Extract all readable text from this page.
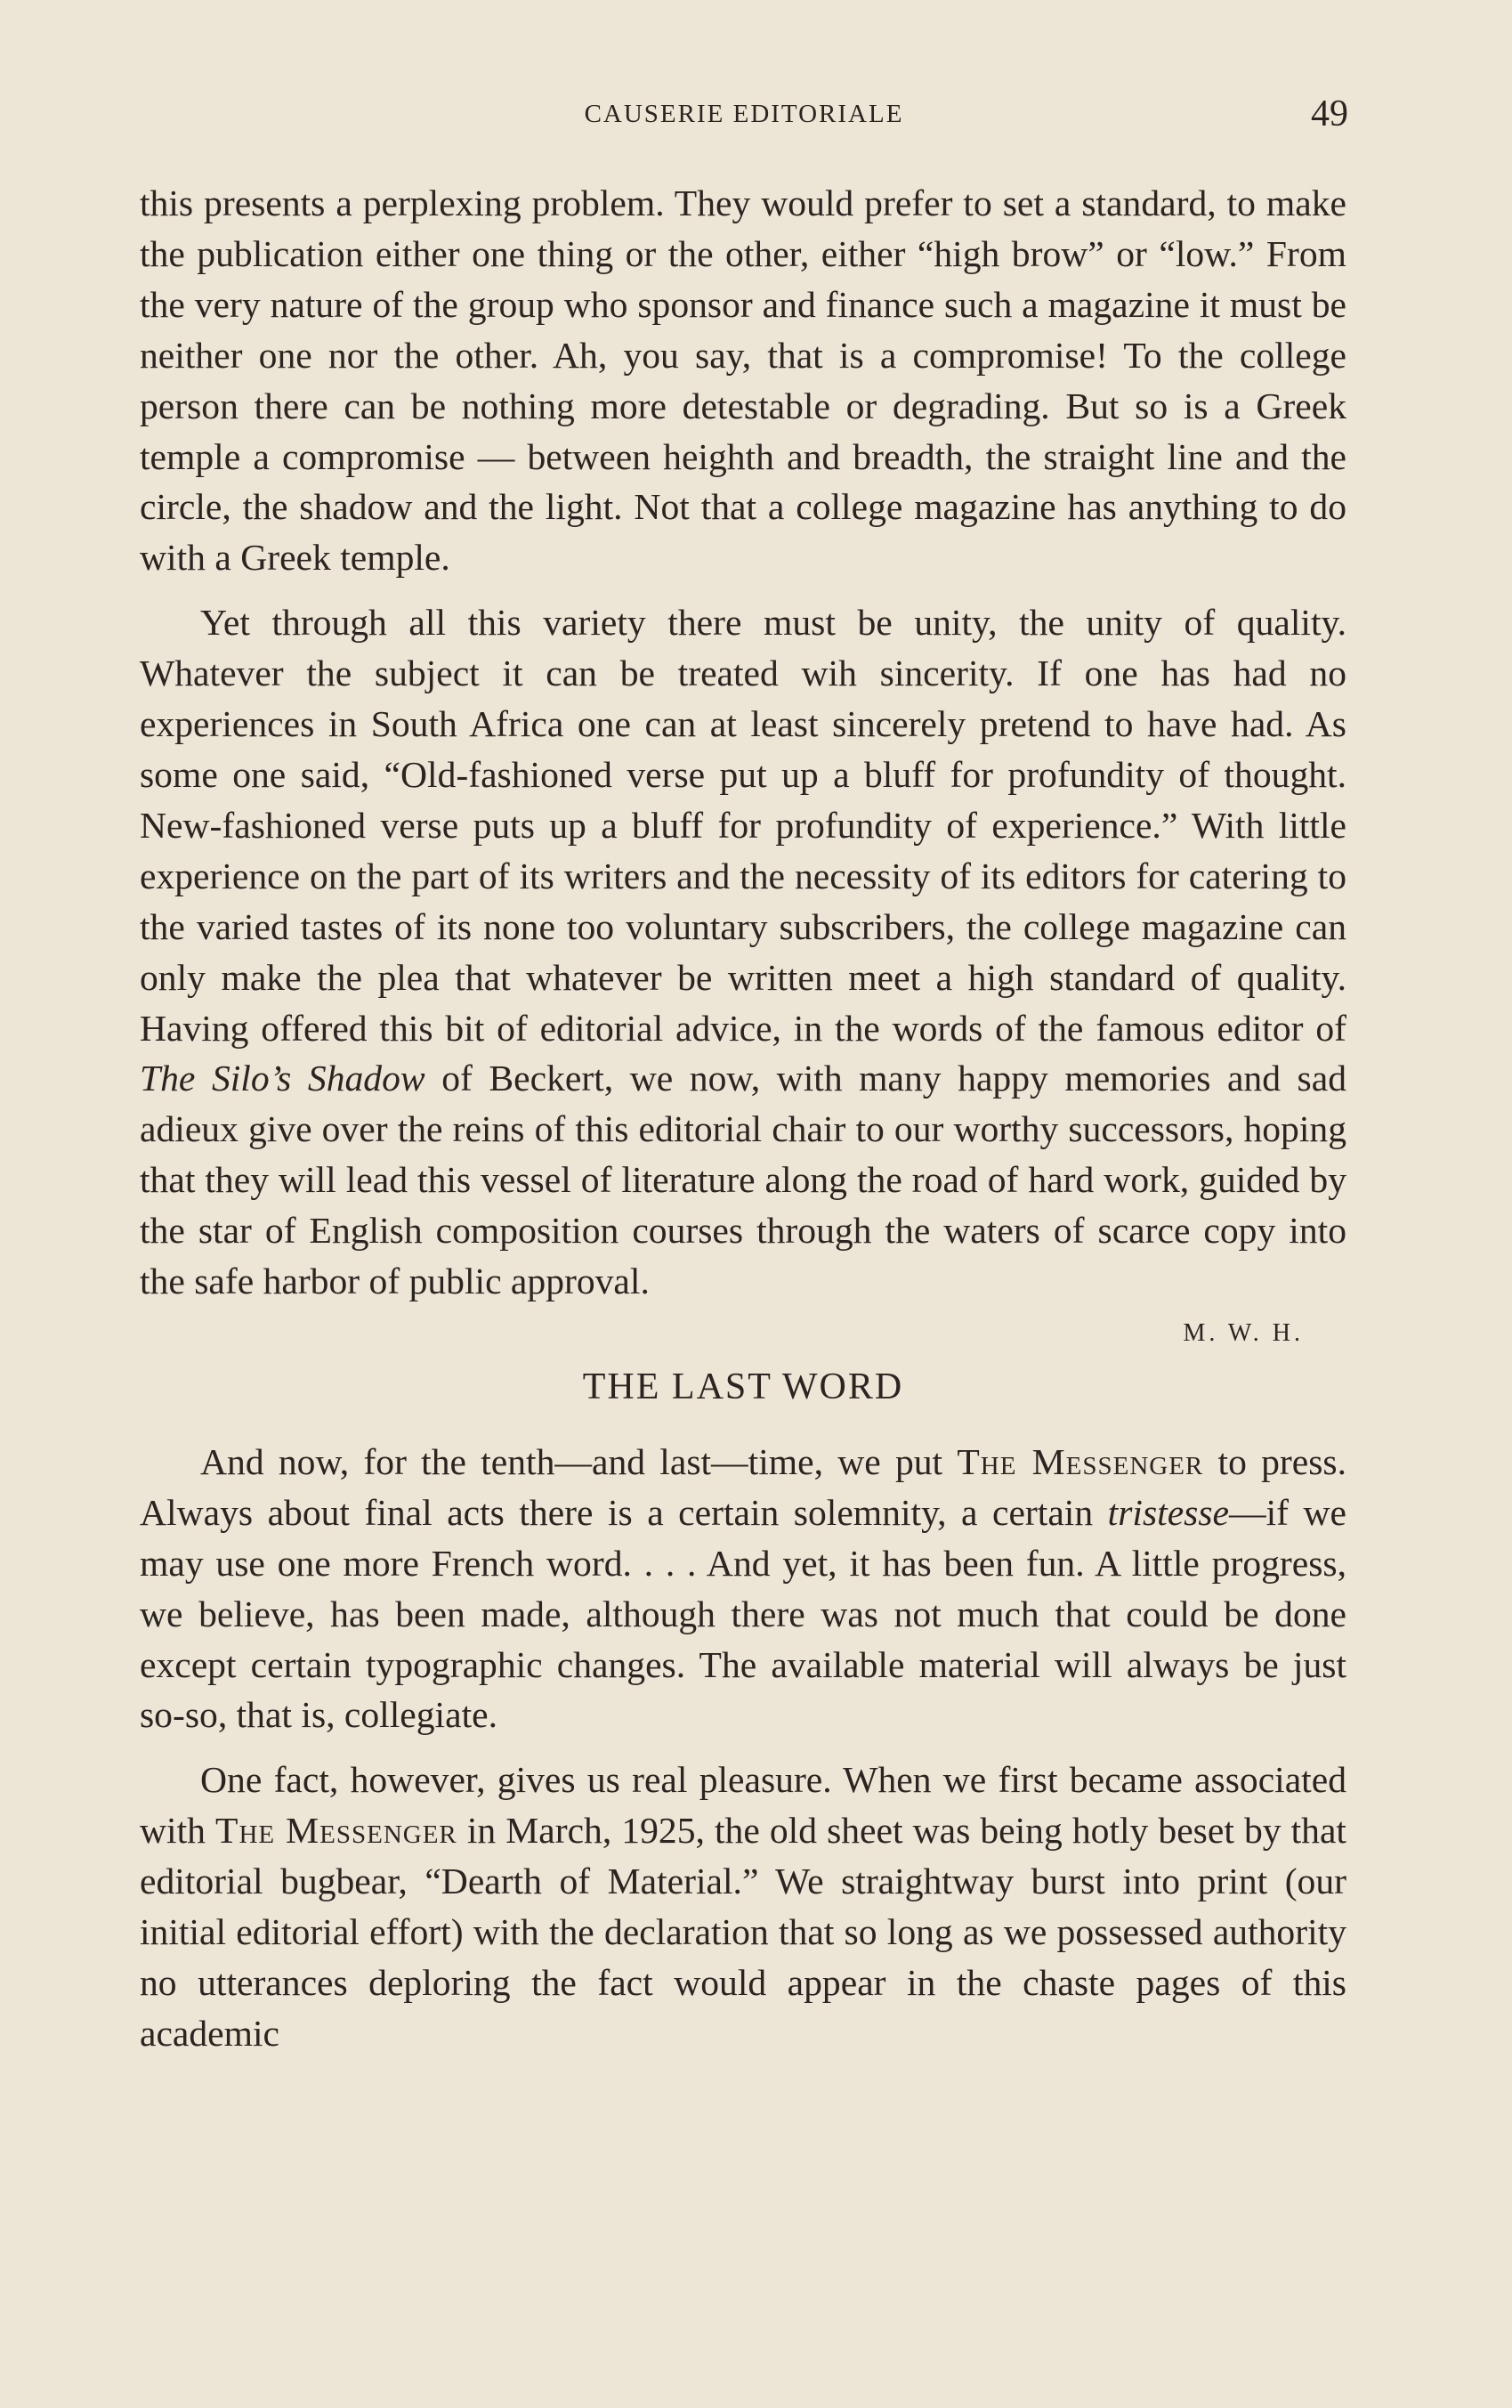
CAUSERIE EDITORIALE	49

this presents a perplexing problem. They would prefer to set a standard, to make the publication either one thing or the other, either “high brow” or “low.” From the very nature of the group who sponsor and finance such a magazine it must be neither one nor the other. Ah, you say, that is a compromise! To the college person there can be nothing more detestable or degrading. But so is a Greek temple a compromise — between heighth and breadth, the straight line and the circle, the shadow and the light. Not that a college magazine has anything to do with a Greek temple.

Yet through all this variety there must be unity, the unity of quality. Whatever the subject it can be treated wih sincerity. If one has had no experiences in South Africa one can at least sincerely pretend to have had. As some one said, “Old-fashioned verse put up a bluff for profundity of thought. New-fashioned verse puts up a bluff for profundity of experience.” With little experience on the part of its writers and the necessity of its editors for catering to the varied tastes of its none too voluntary subscribers, the college magazine can only make the plea that whatever be written meet a high standard of quality. Having offered this bit of editorial advice, in the words of the famous editor of The Silo’s Shadow of Beckert, we now, with many happy memories and sad adieux give over the reins of this editorial chair to our worthy successors, hoping that they will lead this vessel of literature along the road of hard work, guided by the star of English composition courses through the waters of scarce copy into the safe harbor of public approval.

M. W. H.

THE LAST WORD

And now, for the tenth—and last—time, we put The Messenger to press. Always about final acts there is a certain solemnity, a certain tristesse—if we may use one more French word. . . . And yet, it has been fun. A little progress, we believe, has been made, although there was not much that could be done except certain typographic changes. The available material will always be just so-so, that is, collegiate.

One fact, however, gives us real pleasure. When we first became associated with The Messenger in March, 1925, the old sheet was being hotly beset by that editorial bugbear, “Dearth of Material.” We straightway burst into print (our initial editorial effort) with the declaration that so long as we possessed authority no utterances deploring the fact would appear in the chaste pages of this academic
